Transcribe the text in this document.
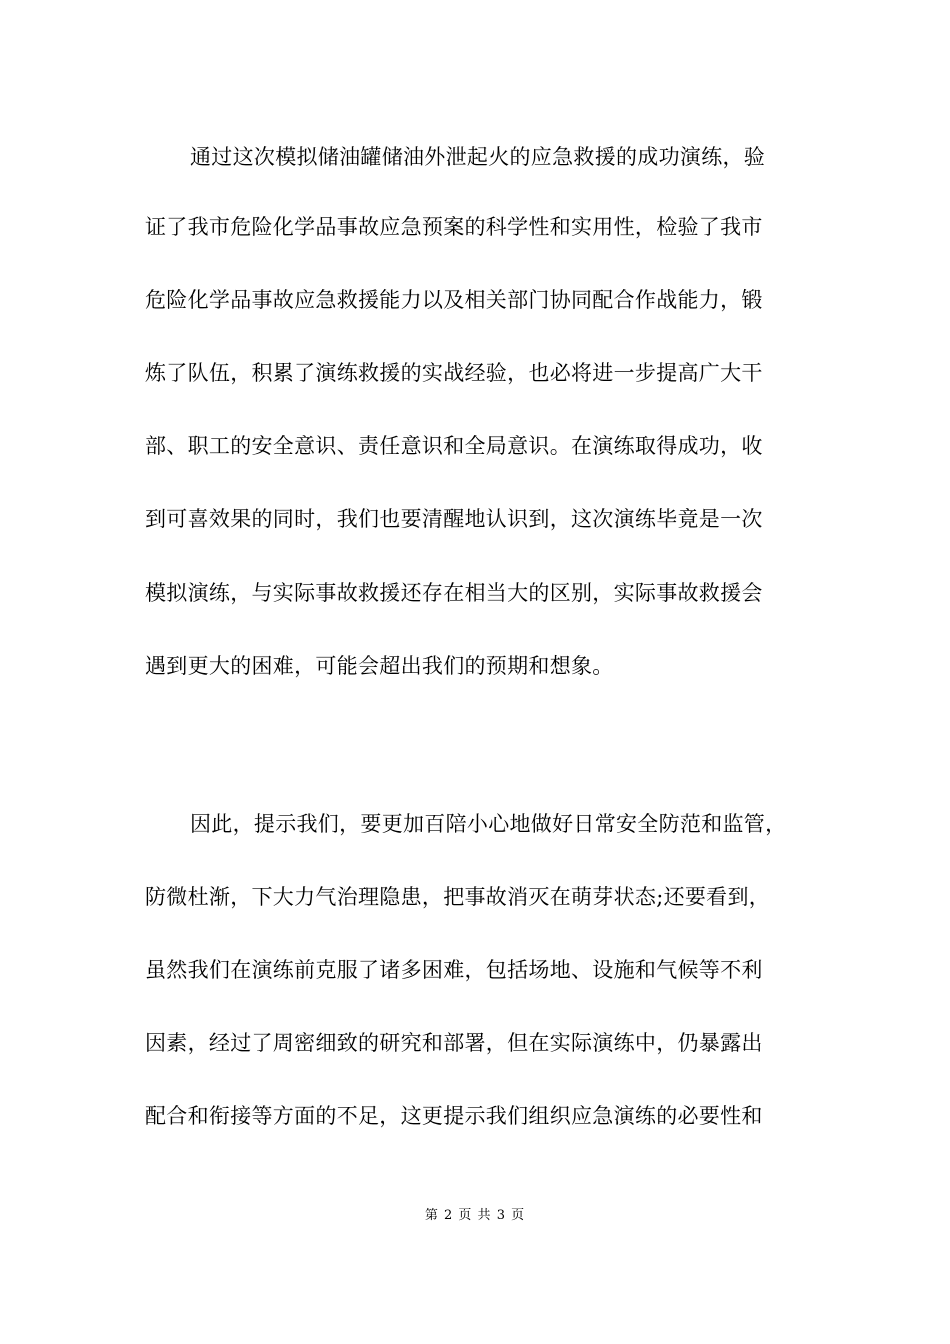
通过这次模拟储油罐储油外泄起火的应急救援的成功演练，验
证了我市危险化学品事故应急预案的科学性和实用性，检验了我市
危险化学品事故应急救援能力以及相关部门协同配合作战能力，锻
炼了队伍，积累了演练救援的实战经验，也必将进一步提高广大干
部、职工的安全意识、责任意识和全局意识。在演练取得成功，收
到可喜效果的同时，我们也要清醒地认识到，这次演练毕竟是一次
模拟演练，与实际事故救援还存在相当大的区别，实际事故救援会
遇到更大的困难，可能会超出我们的预期和想象。
因此，提示我们，要更加百陪小心地做好日常安全防范和监管，
防微杜渐，下大力气治理隐患，把事故消灭在萌芽状态;还要看到，
虽然我们在演练前克服了诸多困难，包括场地、设施和气候等不利
因素，经过了周密细致的研究和部署，但在实际演练中，仍暴露出
配合和衔接等方面的不足，这更提示我们组织应急演练的必要性和
第 2 页 共 3 页
